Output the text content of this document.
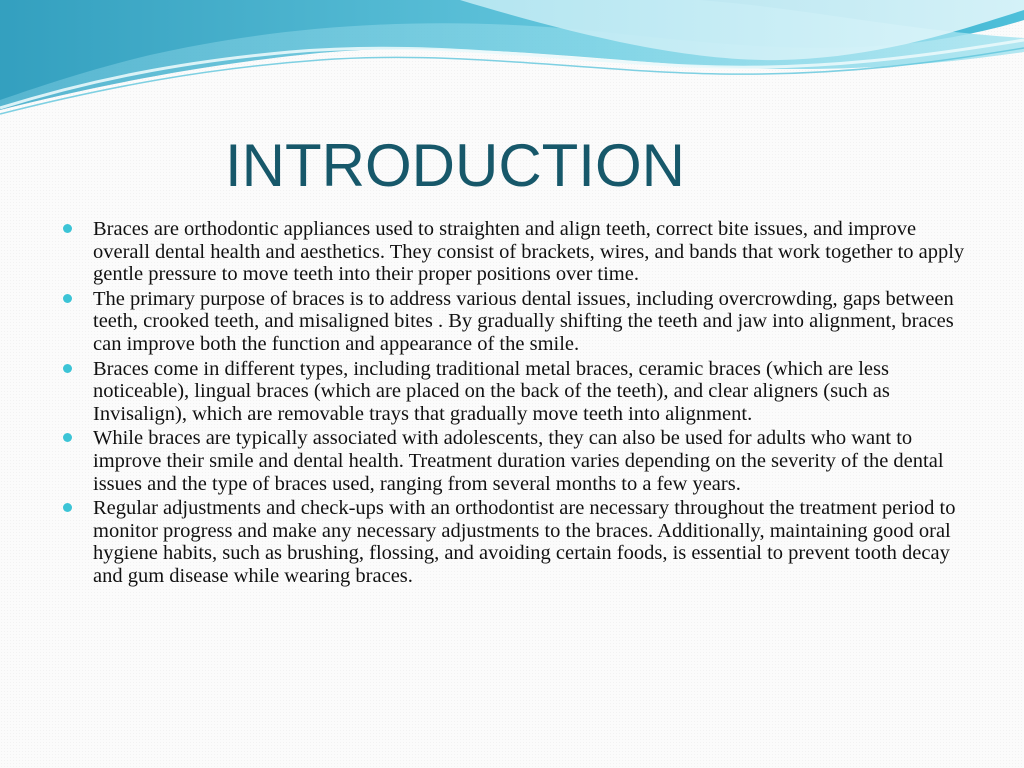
INTRODUCTION
Braces are orthodontic appliances used to straighten and align teeth, correct bite issues, and improve overall dental health and aesthetics. They consist of brackets, wires, and bands that work together to apply gentle pressure to move teeth into their proper positions over time.
The primary purpose of braces is to address various dental issues, including overcrowding, gaps between teeth, crooked teeth, and misaligned bites . By gradually shifting the teeth and jaw into alignment, braces can improve both the function and appearance of the smile.
Braces come in different types, including traditional metal braces, ceramic braces (which are less noticeable), lingual braces (which are placed on the back of the teeth), and clear aligners (such as Invisalign), which are removable trays that gradually move teeth into alignment.
While braces are typically associated with adolescents, they can also be used for adults who want to improve their smile and dental health. Treatment duration varies depending on the severity of the dental issues and the type of braces used, ranging from several months to a few years.
Regular adjustments and check-ups with an orthodontist are necessary throughout the treatment period to monitor progress and make any necessary adjustments to the braces. Additionally, maintaining good oral hygiene habits, such as brushing, flossing, and avoiding certain foods, is essential to prevent tooth decay and gum disease while wearing braces.
